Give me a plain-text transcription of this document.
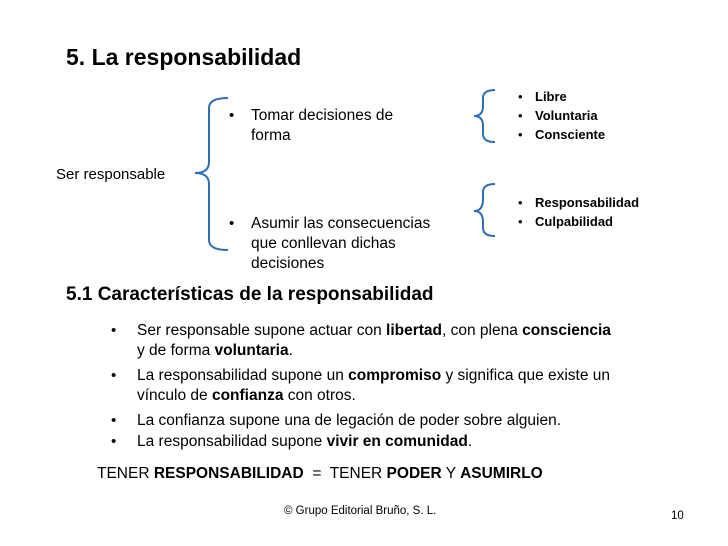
5. La responsabilidad
Ser responsable
• Tomar decisiones de
forma
• Asumir las consecuencias
que conllevan dichas
decisiones
• Libre
• Voluntaria
• Consciente
• Responsabilidad
• Culpabilidad
5.1 Características de la responsabilidad
• Ser responsable supone actuar con libertad, con plena consciencia
y de forma voluntaria.
• La responsabilidad supone un compromiso y significa que existe un
vínculo de confianza con otros.
• La confianza supone una de legación de poder sobre alguien.
• La responsabilidad supone vivir en comunidad.
TENER RESPONSABILIDAD  =  TENER PODER Y ASUMIRLO
© Grupo Editorial Bruño, S. L.	10
